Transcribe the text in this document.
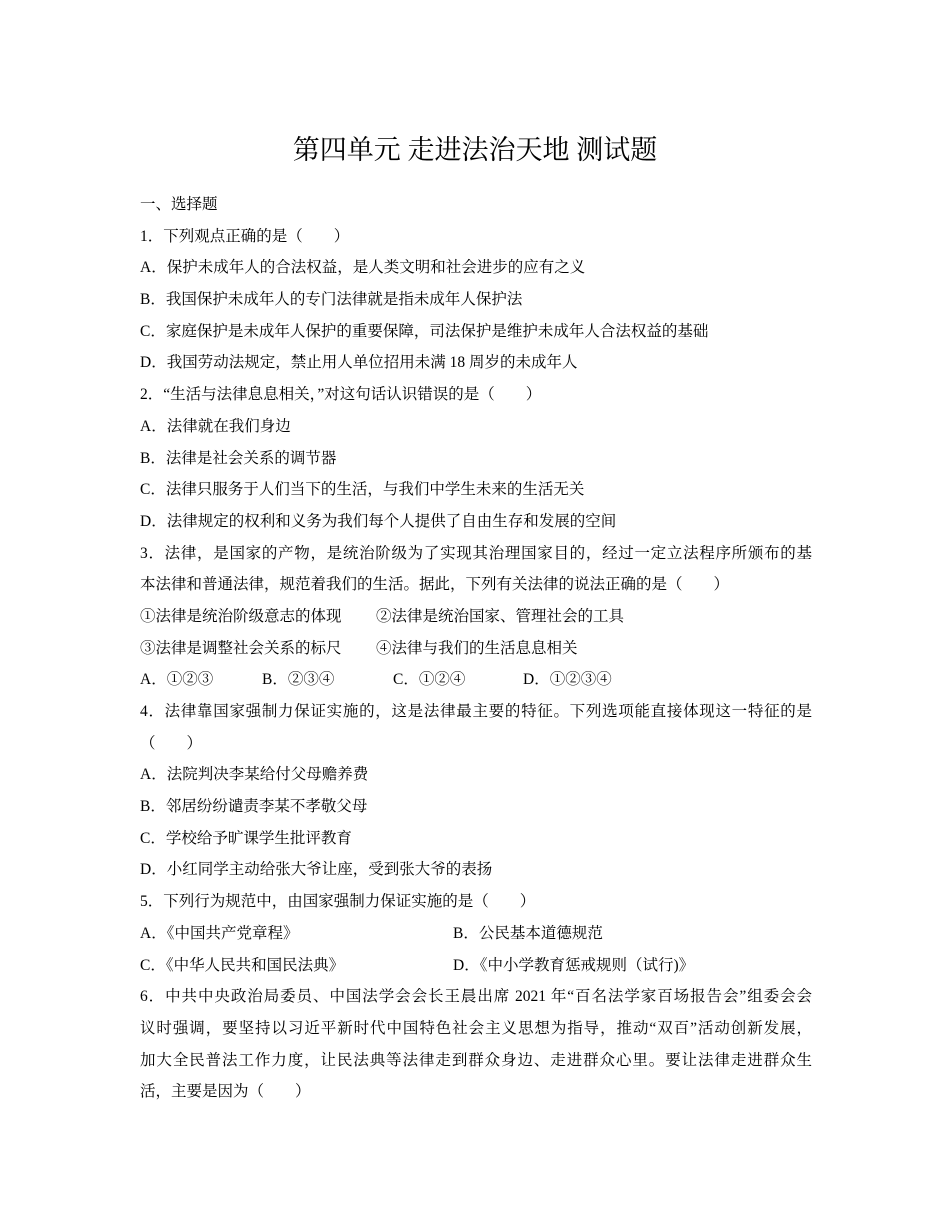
第四单元 走进法治天地 测试题
一、选择题
1．下列观点正确的是（　　）
A．保护未成年人的合法权益，是人类文明和社会进步的应有之义
B．我国保护未成年人的专门法律就是指未成年人保护法
C．家庭保护是未成年人保护的重要保障，司法保护是维护未成年人合法权益的基础
D．我国劳动法规定，禁止用人单位招用未满 18 周岁的未成年人
2．“生活与法律息息相关，”对这句话认识错误的是（　　）
A．法律就在我们身边
B．法律是社会关系的调节器
C．法律只服务于人们当下的生活，与我们中学生未来的生活无关
D．法律规定的权利和义务为我们每个人提供了自由生存和发展的空间
3．法律，是国家的产物，是统治阶级为了实现其治理国家目的，经过一定立法程序所颁布的基
本法律和普通法律，规范着我们的生活。据此，下列有关法律的说法正确的是（　　）
①法律是统治阶级意志的体现 ②法律是统治国家、管理社会的工具
③法律是调整社会关系的标尺 ④法律与我们的生活息息相关
A．①②③	B．②③④	C．①②④	D．①②③④
4．法律靠国家强制力保证实施的，这是法律最主要的特征。下列选项能直接体现这一特征的是
（　　）
A．法院判决李某给付父母赡养费
B．邻居纷纷谴责李某不孝敬父母
C．学校给予旷课学生批评教育
D．小红同学主动给张大爷让座，受到张大爷的表扬
5．下列行为规范中，由国家强制力保证实施的是（　　）
A．《中国共产党章程》	B．公民基本道德规范
C．《中华人民共和国民法典》	D．《中小学教育惩戒规则（试行)》
6．中共中央政治局委员、中国法学会会长王晨出席 2021 年“百名法学家百场报告会”组委会会
议时强调，要坚持以习近平新时代中国特色社会主义思想为指导，推动“双百”活动创新发展，
加大全民普法工作力度，让民法典等法律走到群众身边、走进群众心里。要让法律走进群众生
活，主要是因为（　　）
